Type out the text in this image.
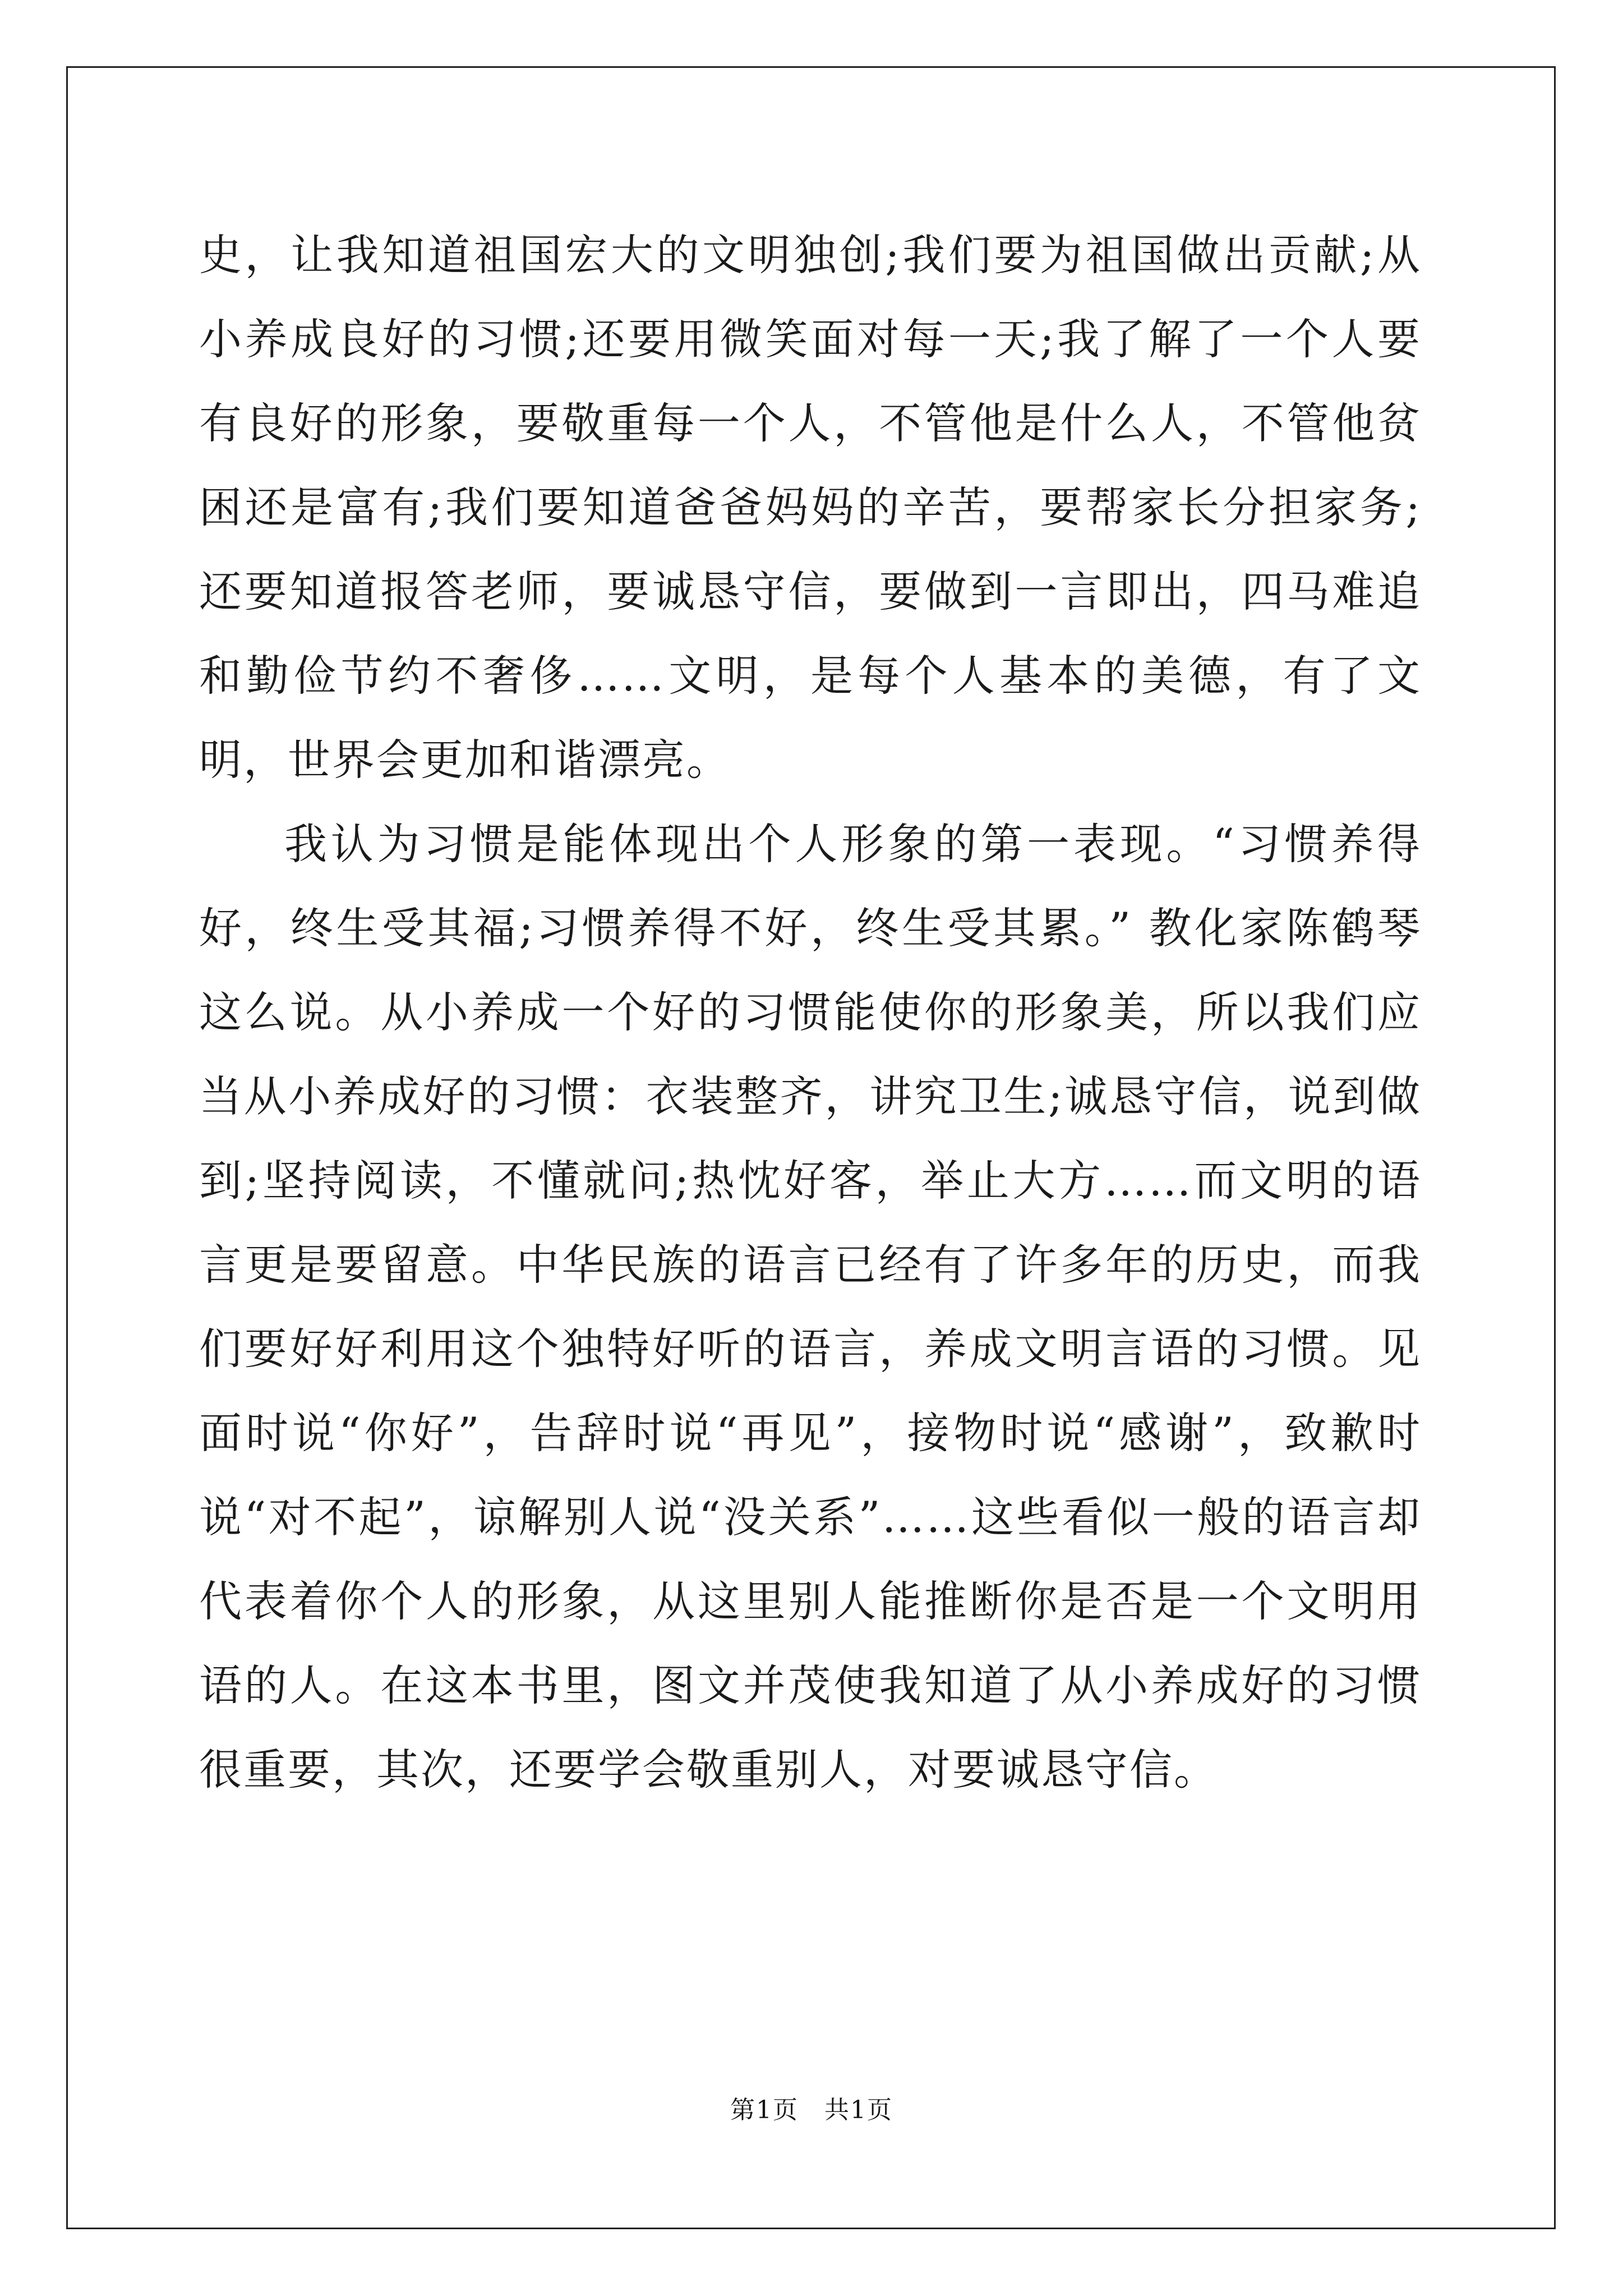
史，让我知道祖国宏大的文明独创;我们要为祖国做出贡献;从小养成良好的习惯;还要用微笑面对每一天;我了解了一个人要有良好的形象，要敬重每一个人，不管他是什么人，不管他贫困还是富有;我们要知道爸爸妈妈的辛苦，要帮家长分担家务;还要知道报答老师，要诚恳守信，要做到一言即出，四马难追和勤俭节约不奢侈……文明，是每个人基本的美德，有了文明，世界会更加和谐漂亮。

我认为习惯是能体现出个人形象的第一表现。“习惯养得好，终生受其福;习惯养得不好，终生受其累。” 教化家陈鹤琴这么说。从小养成一个好的习惯能使你的形象美，所以我们应当从小养成好的习惯：衣装整齐，讲究卫生;诚恳守信，说到做到;坚持阅读，不懂就问;热忱好客，举止大方……而文明的语言更是要留意。中华民族的语言已经有了许多年的历史，而我们要好好利用这个独特好听的语言，养成文明言语的习惯。见面时说“你好”，告辞时说“再见”，接物时说“感谢”，致歉时说“对不起”，谅解别人说“没关系”……这些看似一般的语言却代表着你个人的形象，从这里别人能推断你是否是一个文明用语的人。在这本书里，图文并茂使我知道了从小养成好的习惯很重要，其次，还要学会敬重别人，对要诚恳守信。

第1页　共1页
